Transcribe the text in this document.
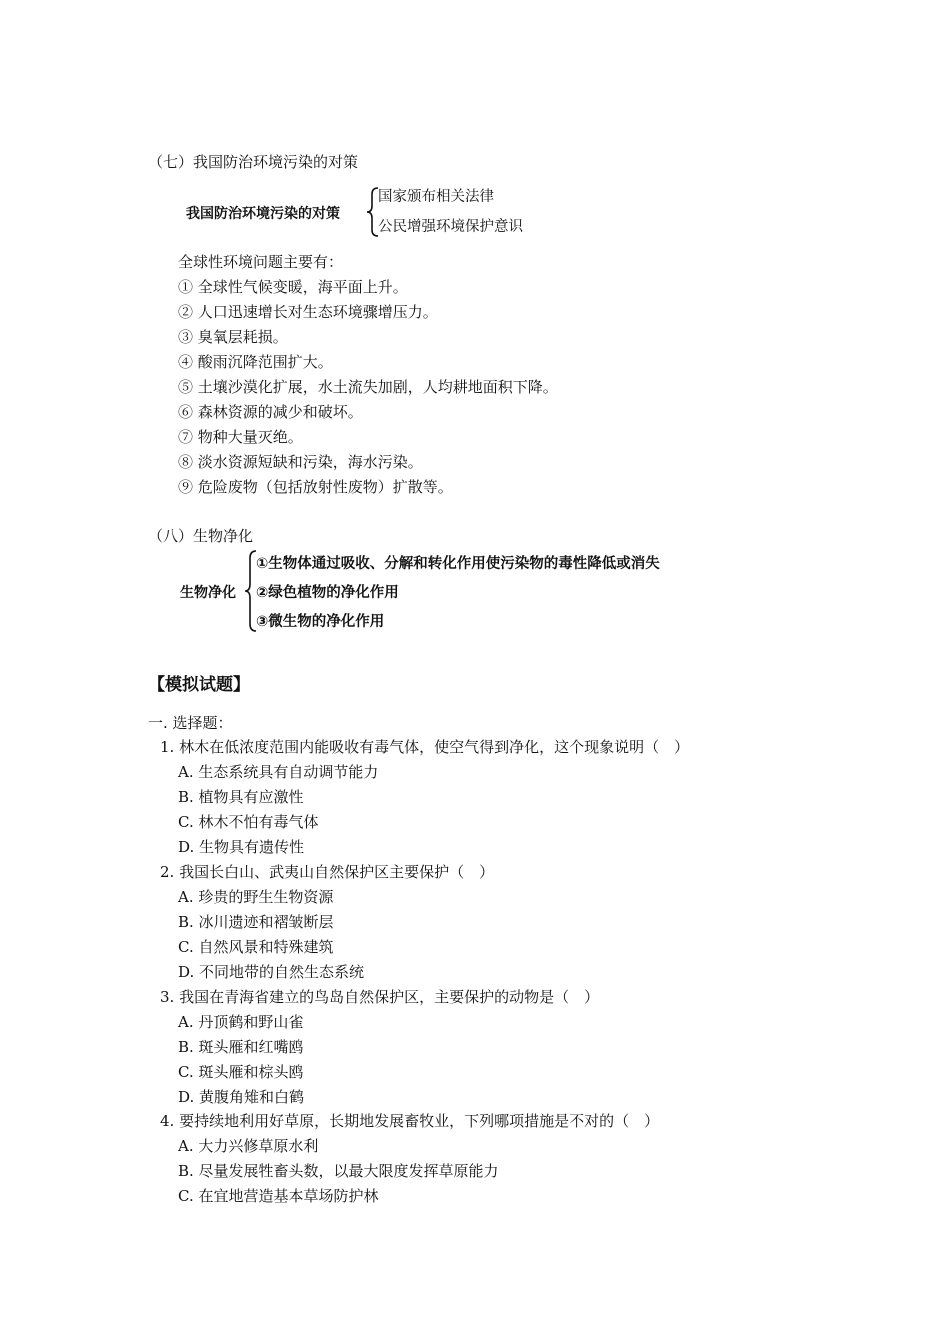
（七）我国防治环境污染的对策
我国防治环境污染的对策
国家颁布相关法律
公民增强环境保护意识
全球性环境问题主要有：
① 全球性气候变暖，海平面上升。
② 人口迅速增长对生态环境骤增压力。
③ 臭氧层耗损。
④ 酸雨沉降范围扩大。
⑤ 土壤沙漠化扩展，水土流失加剧，人均耕地面积下降。
⑥ 森林资源的减少和破坏。
⑦ 物种大量灭绝。
⑧ 淡水资源短缺和污染，海水污染。
⑨ 危险废物（包括放射性废物）扩散等。
（八）生物净化
生物净化
①生物体通过吸收、分解和转化作用使污染物的毒性降低或消失
②绿色植物的净化作用
③微生物的净化作用
【模拟试题】
一. 选择题：
1. 林木在低浓度范围内能吸收有毒气体，使空气得到净化，这个现象说明（　）
A. 生态系统具有自动调节能力
B. 植物具有应激性
C. 林木不怕有毒气体
D. 生物具有遗传性
2. 我国长白山、武夷山自然保护区主要保护（　）
A. 珍贵的野生生物资源
B. 冰川遗迹和褶皱断层
C. 自然风景和特殊建筑
D. 不同地带的自然生态系统
3. 我国在青海省建立的鸟岛自然保护区，主要保护的动物是（　）
A. 丹顶鹤和野山雀
B. 斑头雁和红嘴鸥
C. 斑头雁和棕头鸥
D. 黄腹角雉和白鹤
4. 要持续地利用好草原，长期地发展畜牧业，下列哪项措施是不对的（　）
A. 大力兴修草原水利
B. 尽量发展牲畜头数，以最大限度发挥草原能力
C. 在宜地营造基本草场防护林
